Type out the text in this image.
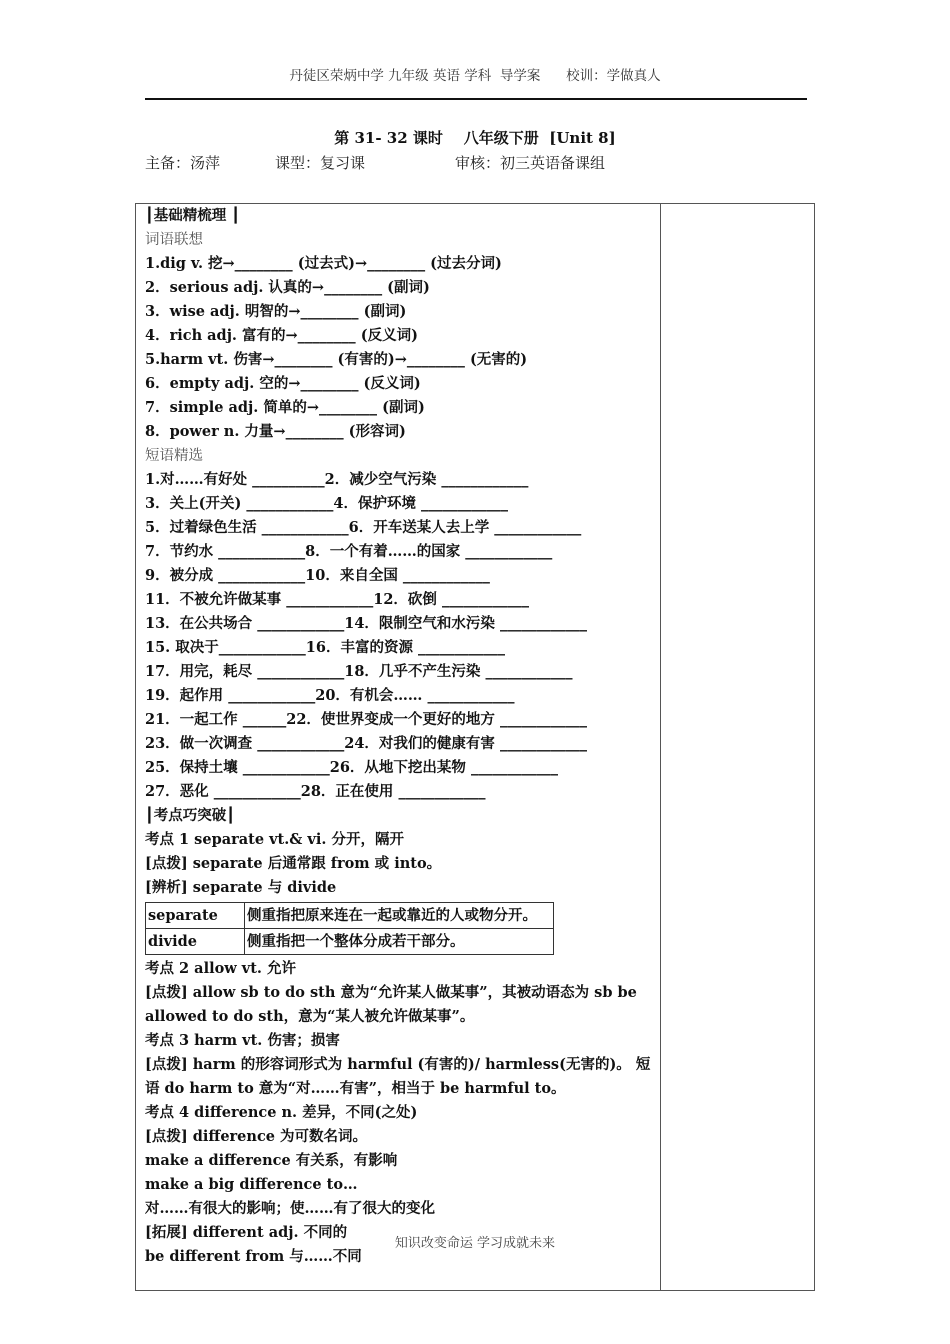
丹徒区荣炳中学 九年级 英语 学科  导学案      校训：学做真人
第 31- 32 课时    八年级下册  [Unit 8]
主备：汤萍	课型：复习课	审核：初三英语备课组
┃基础精梳理 ┃
词语联想
1.dig v. 挖→________ (过去式)→________ (过去分词)
2．serious adj. 认真的→________ (副词)
3．wise adj. 明智的→________ (副词)
4．rich adj. 富有的→________ (反义词)
5.harm vt. 伤害→________ (有害的)→________ (无害的)
6．empty adj. 空的→________ (反义词)
7．simple adj. 简单的→________ (副词)
8．power n. 力量→________ (形容词)
短语精选
1.对……有好处 __________2．减少空气污染 ____________
3．关上(开关) ____________4．保护环境 ____________
5．过着绿色生活 ____________6．开车送某人去上学 ____________
7．节约水 ____________8．一个有着……的国家 ____________
9．被分成 ____________10．来自全国 ____________
11．不被允许做某事 ____________12．砍倒 ____________
13．在公共场合 ____________14．限制空气和水污染 ____________
15. 取决于____________16．丰富的资源 ____________
17．用完，耗尽 ____________18．几乎不产生污染 ____________
19．起作用 ____________20．有机会…… ____________
21．一起工作 ______22．使世界变成一个更好的地方 ____________
23．做一次调查 ____________24．对我们的健康有害 ____________
25．保持土壤 ____________26．从地下挖出某物 ____________
27．恶化 ____________28．正在使用 ____________
┃考点巧突破┃
考点 1 separate vt.& vi. 分开，隔开
[点拨] separate 后通常跟 from 或 into。
[辨析] separate 与 divide
separate	侧重指把原来连在一起或靠近的人或物分开。
divide	侧重指把一个整体分成若干部分。
考点 2 allow vt. 允许
[点拨] allow sb to do sth 意为“允许某人做某事”，其被动语态为 sb be allowed to do sth，意为“某人被允许做某事”。
考点 3 harm vt. 伤害；损害
[点拨] harm 的形容词形式为 harmful (有害的)/ harmless(无害的)。 短语 do harm to 意为“对……有害”，相当于 be harmful to。
考点 4 difference n. 差异，不同(之处)
[点拨] difference 为可数名词。
make a difference 有关系，有影响
make a big difference to…
对……有很大的影响；使……有了很大的变化
[拓展] different adj. 不同的
be different from 与……不同
知识改变命运 学习成就未来
